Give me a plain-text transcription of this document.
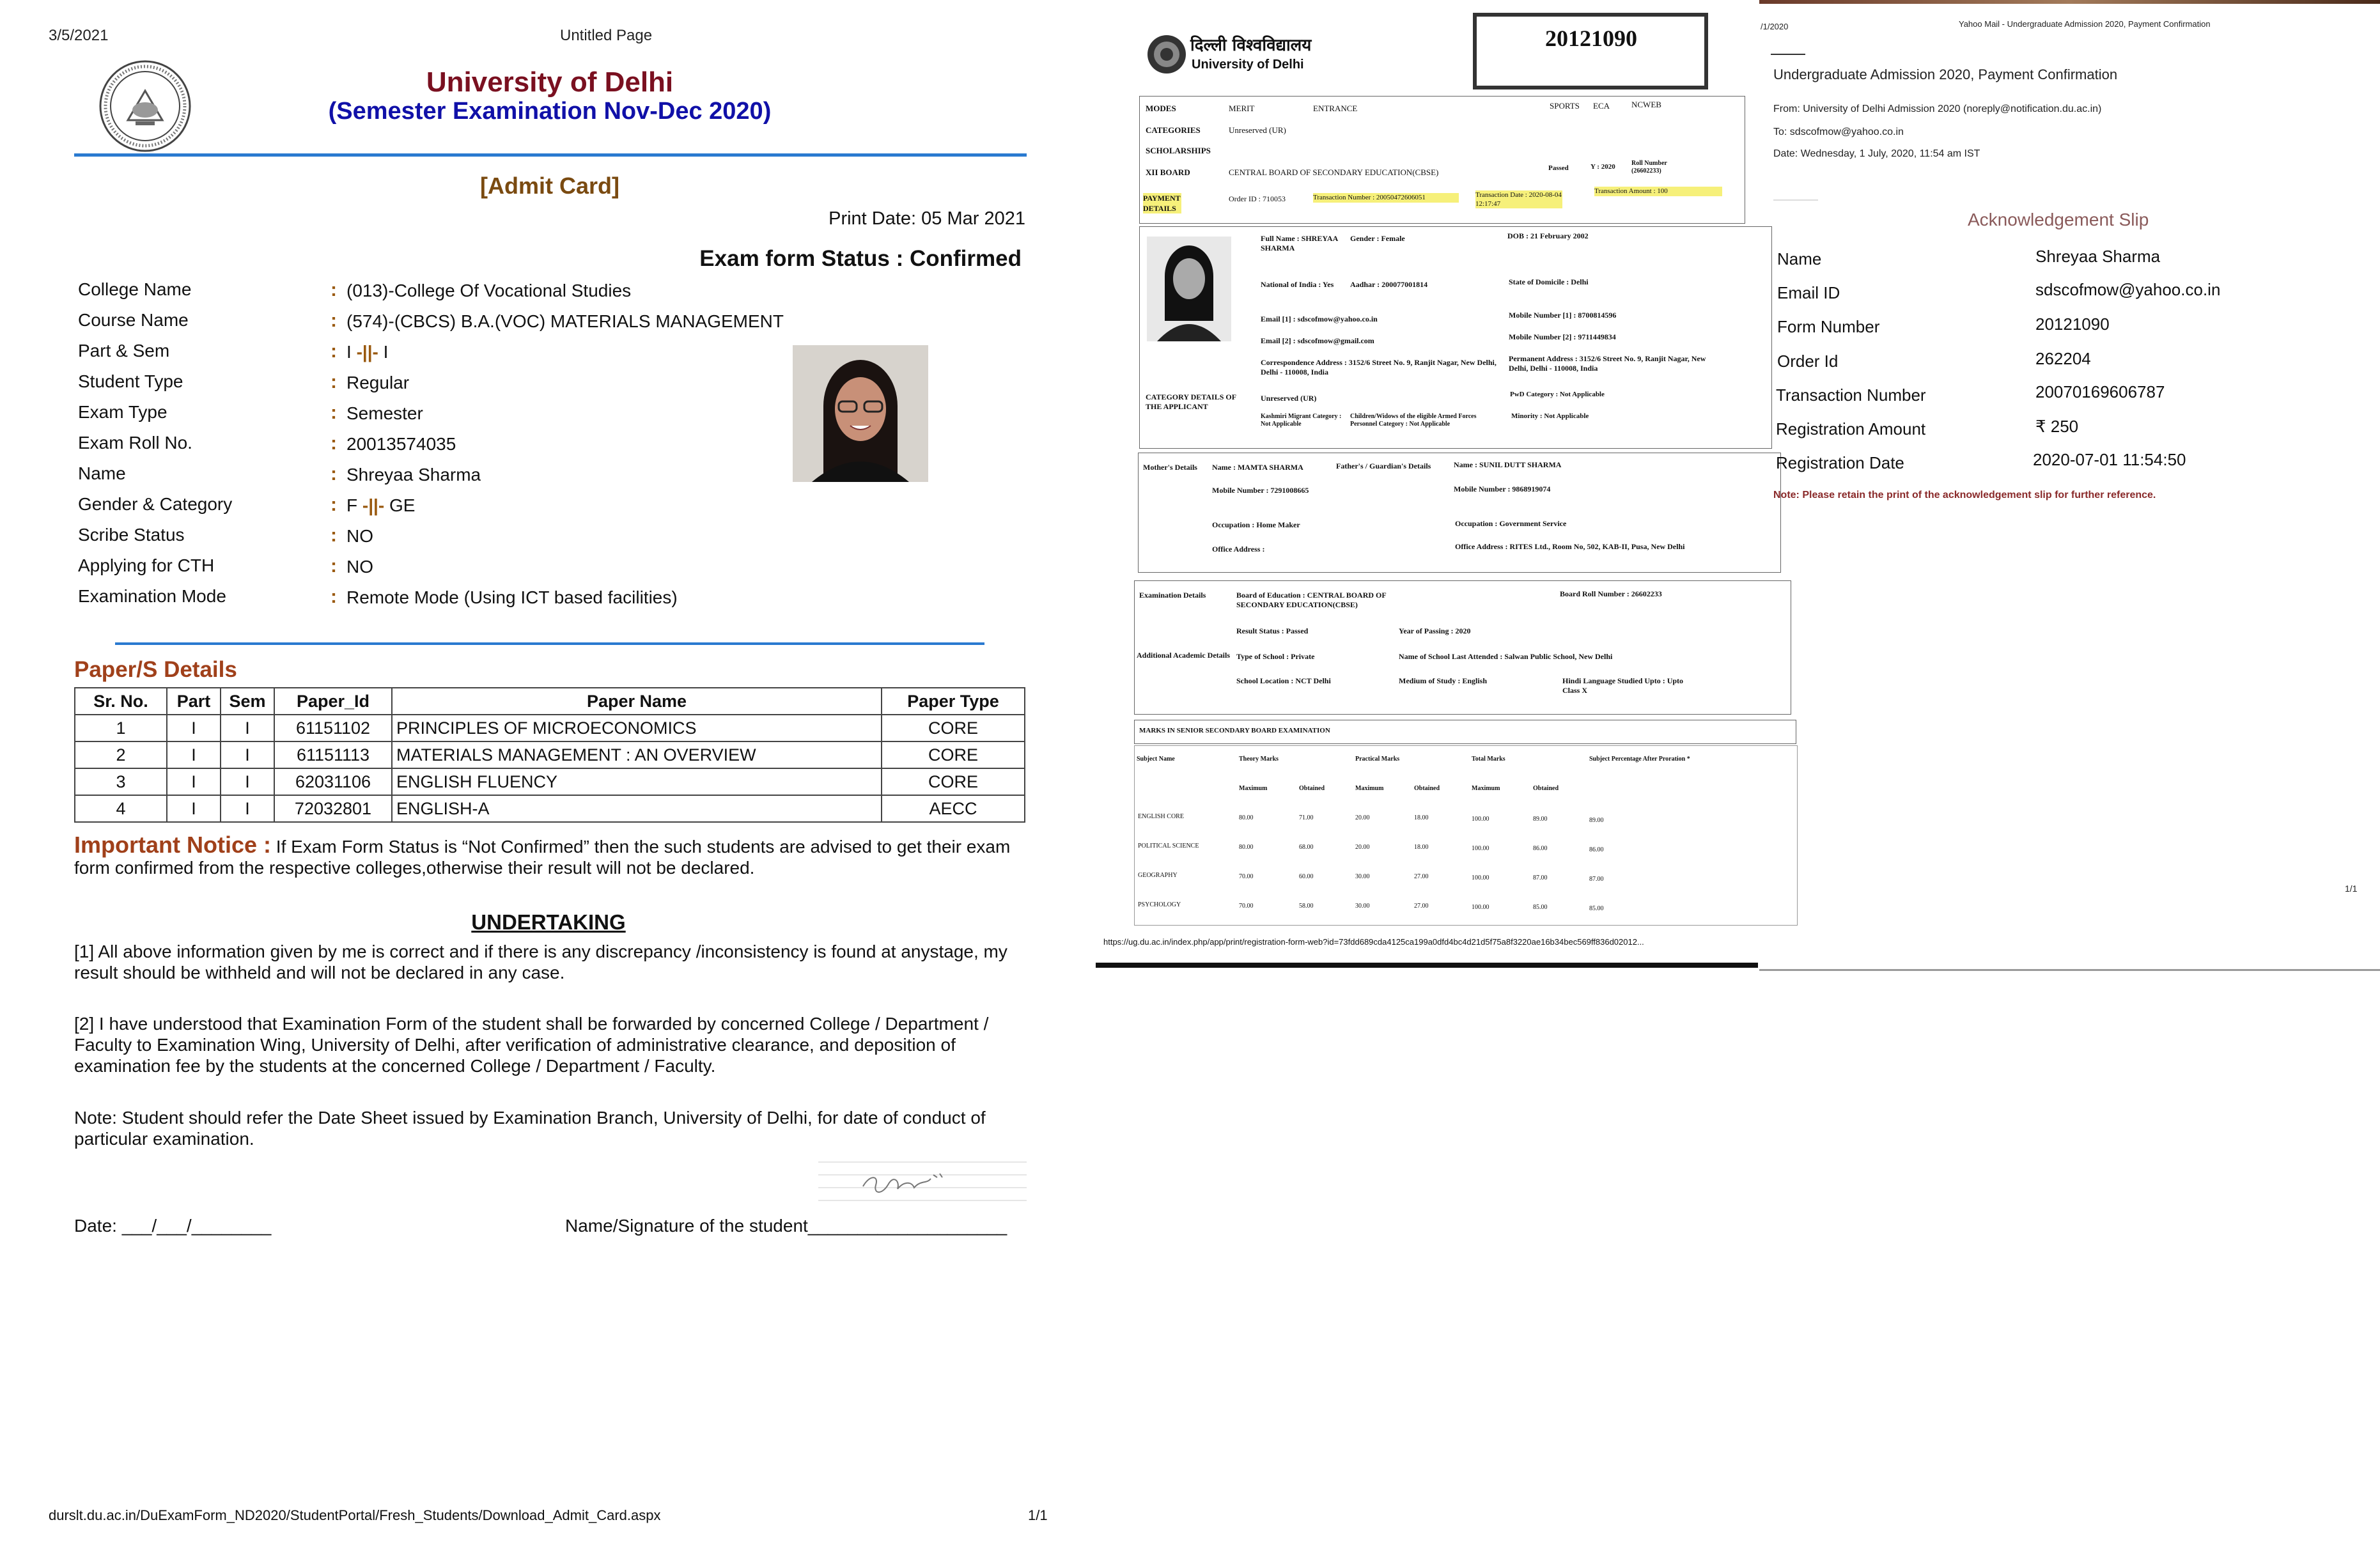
3/5/2021	Untitled Page
University of Delhi
(Semester Examination Nov-Dec 2020)
[Admit Card]
Print Date: 05 Mar 2021
Exam form Status : Confirmed
College Name	: (013)-College Of Vocational Studies
Course Name	: (574)-(CBCS) B.A.(VOC) MATERIALS MANAGEMENT
Part & Sem	: I -||- I
Student Type	: Regular
Exam Type	: Semester
Exam Roll No.	: 20013574035
Name	: Shreyaa Sharma
Gender & Category	: F -||- GE
Scribe Status	: NO
Applying for CTH	: NO
Examination Mode	: Remote Mode (Using ICT based facilities)
Paper/S Details
Sr. No.	Part	Sem	Paper_Id	Paper Name	Paper Type
1	I	I	61151102	PRINCIPLES OF MICROECONOMICS	CORE
2	I	I	61151113	MATERIALS MANAGEMENT : AN OVERVIEW	CORE
3	I	I	62031106	ENGLISH FLUENCY	CORE
4	I	I	72032801	ENGLISH-A	AECC
Important Notice : If Exam Form Status is “Not Confirmed” then the such students are advised to get their exam form confirmed from the respective colleges,otherwise their result will not be declared.
UNDERTAKING
[1] All above information given by me is correct and if there is any discrepancy /inconsistency is found at anystage, my result should be withheld and will not be declared in any case.
[2] I have understood that Examination Form of the student shall be forwarded by concerned College / Department / Faculty to Examination Wing, University of Delhi, after verification of administrative clearance, and deposition of examination fee by the students at the concerned College / Department / Faculty.
Note: Student should refer the Date Sheet issued by Examination Branch, University of Delhi, for date of conduct of particular examination.
Date: ___/___/________	Name/Signature of the student____________________
durslt.du.ac.in/DuExamForm_ND2020/StudentPortal/Fresh_Students/Download_Admit_Card.aspx	1/1
दिल्ली विश्वविद्यालय
University of Delhi
20121090
MODES	MERIT	ENTRANCE	SPORTS ECA	NCWEB
CATEGORIES	Unreserved (UR)
SCHOLARSHIPS
XII BOARD	CENTRAL BOARD OF SECONDARY EDUCATION(CBSE)	Passed	Y : 2020	Roll Number (26602233)
PAYMENT DETAILS
Order ID : 710053	Transaction Number : 20050472606051	Transaction Date : 2020-08-04 12:17:47
Transaction Amount : 100
Full Name : SHREYAA SHARMA
Gender : Female	DOB : 21 February 2002
National of India : Yes	Aadhar : 200077001814	State of Domicile : Delhi
Email [1] : sdscofmow@yahoo.co.in	Mobile Number [1] : 8700814596
Email [2] : sdscofmow@gmail.com	Mobile Number [2] : 9711449834
Correspondence Address : 3152/6 Street No. 9, Ranjit Nagar, New Delhi, Delhi - 110008, India
Permanent Address : 3152/6 Street No. 9, Ranjit Nagar, New Delhi, Delhi - 110008, India
CATEGORY DETAILS OF THE APPLICANT
Unreserved (UR)	PwD Category : Not Applicable
Kashmiri Migrant Category : Not Applicable
Children/Widows of the eligible Armed Forces Personnel Category : Not Applicable
Minority : Not Applicable
Mother's Details	Name : MAMTA SHARMA
Mobile Number : 7291008665
Occupation : Home Maker
Office Address :
Father's / Guardian's Details	Name : SUNIL DUTT SHARMA
Mobile Number : 9868919074
Occupation : Government Service
Office Address : RITES Ltd., Room No, 502, KAB-II, Pusa, New Delhi
Examination Details	Board of Education : CENTRAL BOARD OF SECONDARY EDUCATION(CBSE)
Board Roll Number : 26602233
Result Status : Passed	Year of Passing : 2020
Additional Academic Details Type of School : Private	Name of School Last Attended : Salwan Public School, New Delhi
School Location : NCT Delhi	Medium of Study : English	Hindi Language Studied Upto : Upto Class X
MARKS IN SENIOR SECONDARY BOARD EXAMINATION
Subject Name	Theory Marks	Practical Marks	Total Marks	Subject Percentage After Proration *
Maximum	Obtained	Maximum	Obtained	Maximum	Obtained
ENGLISH CORE	80.00	71.00	20.00	18.00	100.00	89.00	89.00
POLITICAL SCIENCE	80.00	68.00	20.00	18.00	100.00	86.00	86.00
GEOGRAPHY	70.00	60.00	30.00	27.00	100.00	87.00	87.00
PSYCHOLOGY	70.00	58.00	30.00	27.00	100.00	85.00	85.00
https://ug.du.ac.in/index.php/app/print/registration-form-web?id=73fdd689cda4125ca199a0dfd4bc4d21d5f75a8f3220ae16b34bec569ff836d02012...
/1/2020	Yahoo Mail - Undergraduate Admission 2020, Payment Confirmation
Undergraduate Admission 2020, Payment Confirmation
From: University of Delhi Admission 2020 (noreply@notification.du.ac.in)
To: sdscofmow@yahoo.co.in
Date: Wednesday, 1 July, 2020, 11:54 am IST
Acknowledgement Slip
Name	Shreyaa Sharma
Email ID	sdscofmow@yahoo.co.in
Form Number	20121090
Order Id	262204
Transaction Number	20070169606787
Registration Amount	₹ 250
Registration Date	2020-07-01 11:54:50
Note: Please retain the print of the acknowledgement slip for further reference.
1/1
